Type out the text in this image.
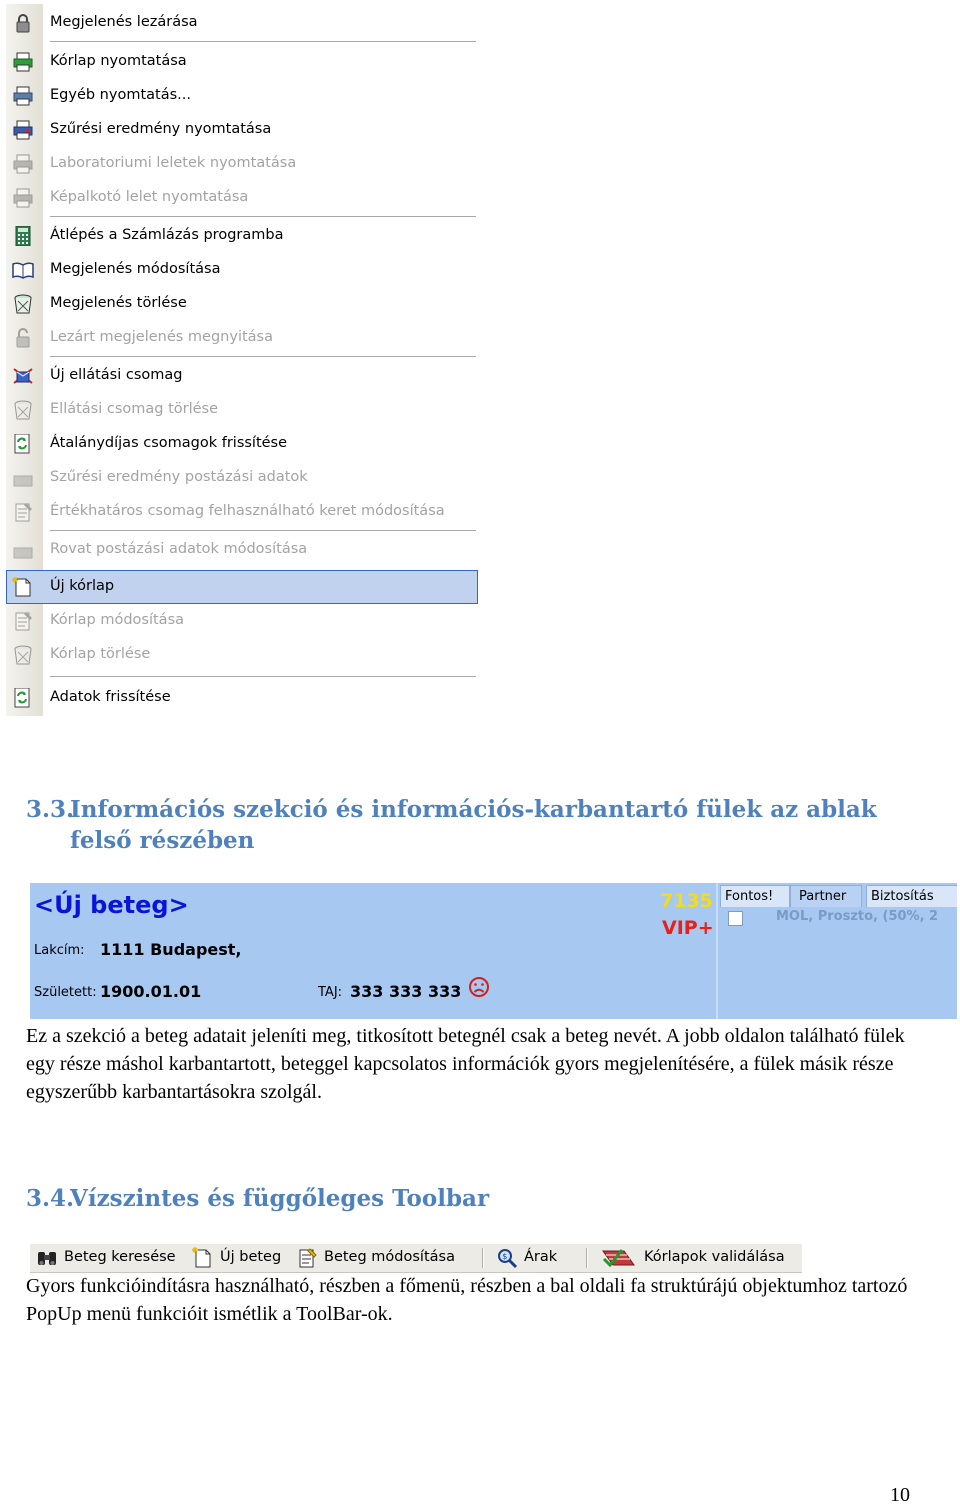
Megjelenés lezárása
Kórlap nyomtatása
Egyéb nyomtatás...
Szűrési eredmény nyomtatása
Laboratoriumi leletek nyomtatása
Képalkotó lelet nyomtatása
Átlépés a Számlázás programba
Megjelenés módosítása
Megjelenés törlése
Lezárt megjelenés megnyitása
Új ellátási csomag
Ellátási csomag törlése
Átalánydíjas csomagok frissítése
Szűrési eredmény postázási adatok
Értékhatáros csomag felhasználható keret módosítása
Rovat postázási adatok módosítása
Új kórlap
Kórlap módosítása
Kórlap törlése
Adatok frissítése
3.3.
Információs szekció és információs-karbantartó fülek az ablak felső részében
<Új beteg>
Lakcím: 1111 Budapest,
Született: 1900.01.01	TAJ: 333 333 333
7135
VIP+
Fontos!	Partner	Biztosítás
MOL, Proszto, (50%, 2
Ez a szekció a beteg adatait jeleníti meg, titkosított betegnél csak a beteg nevét. A jobb oldalon található fülek egy része máshol karbantartott, beteggel kapcsolatos információk gyors megjelenítésére, a fülek másik része egyszerűbb karbantartásokra szolgál.
3.4.
Vízszintes és függőleges Toolbar
Beteg keresése	Új beteg	Beteg módosítása	$ Árak	Kórlapok validálása
Gyors funkcióindításra használható, részben a főmenü, részben a bal oldali fa struktúrájú objektumhoz tartozó PopUp menü funkcióit ismétlik a ToolBar-ok.
10
